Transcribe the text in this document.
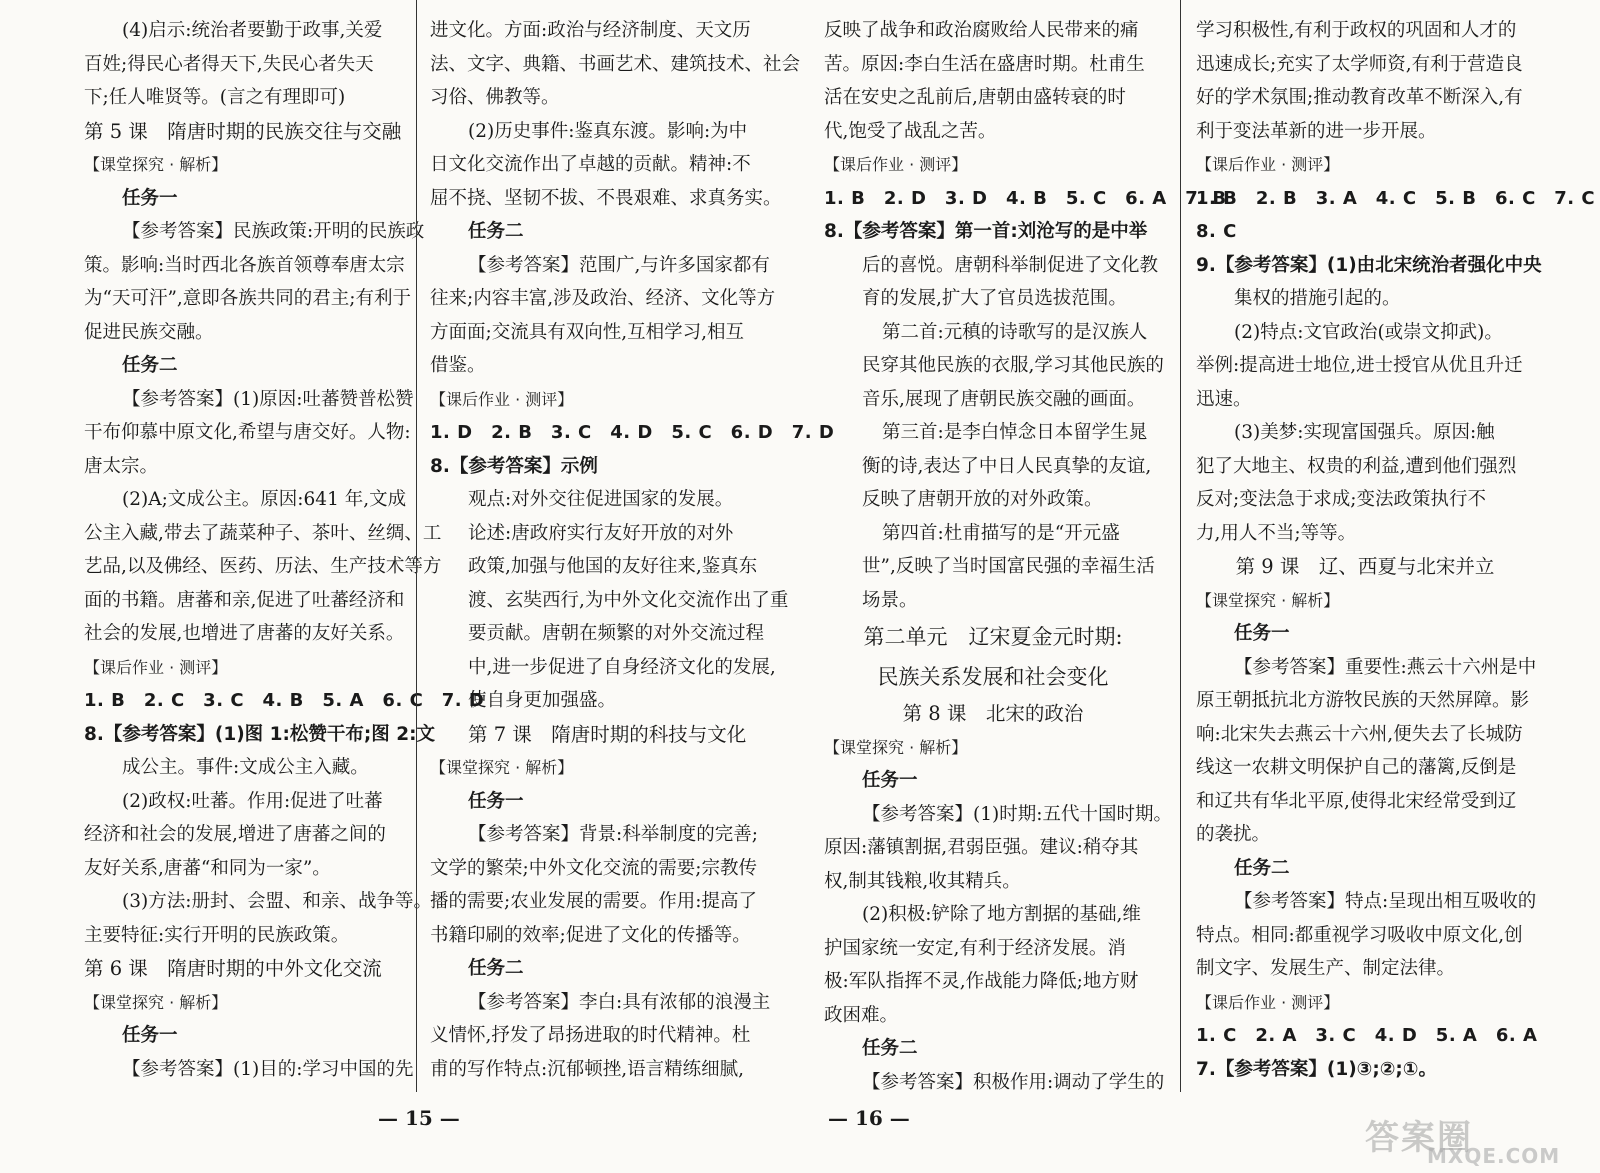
(4)启示:统治者要勤于政事,关爱
百姓;得民心者得天下,失民心者失天
下;任人唯贤等。(言之有理即可)
第 5 课　隋唐时期的民族交往与交融
【课堂探究 · 解析】
任务一
【参考答案】民族政策:开明的民族政
策。影响:当时西北各族首领尊奉唐太宗
为“天可汗”,意即各族共同的君主;有利于
促进民族交融。
任务二
【参考答案】(1)原因:吐蕃赞普松赞
干布仰慕中原文化,希望与唐交好。人物:
唐太宗。
(2)A;文成公主。原因:641 年,文成
公主入藏,带去了蔬菜种子、茶叶、丝绸、工
艺品,以及佛经、医药、历法、生产技术等方
面的书籍。唐蕃和亲,促进了吐蕃经济和
社会的发展,也增进了唐蕃的友好关系。
【课后作业 · 测评】
1. B　2. C　3. C　4. B　5. A　6. C　7. D
8.【参考答案】(1)图 1:松赞干布;图 2:文
成公主。事件:文成公主入藏。
(2)政权:吐蕃。作用:促进了吐蕃
经济和社会的发展,增进了唐蕃之间的
友好关系,唐蕃“和同为一家”。
(3)方法:册封、会盟、和亲、战争等。
主要特征:实行开明的民族政策。
第 6 课　隋唐时期的中外文化交流
【课堂探究 · 解析】
任务一
【参考答案】(1)目的:学习中国的先
进文化。方面:政治与经济制度、天文历
法、文字、典籍、书画艺术、建筑技术、社会
习俗、佛教等。
(2)历史事件:鉴真东渡。影响:为中
日文化交流作出了卓越的贡献。精神:不
屈不挠、坚韧不拔、不畏艰难、求真务实。
任务二
【参考答案】范围广,与许多国家都有
往来;内容丰富,涉及政治、经济、文化等方
方面面;交流具有双向性,互相学习,相互
借鉴。
【课后作业 · 测评】
1. D　2. B　3. C　4. D　5. C　6. D　7. D
8.【参考答案】示例
观点:对外交往促进国家的发展。
论述:唐政府实行友好开放的对外
政策,加强与他国的友好往来,鉴真东
渡、玄奘西行,为中外文化交流作出了重
要贡献。唐朝在频繁的对外交流过程
中,进一步促进了自身经济文化的发展,
使自身更加强盛。
第 7 课　隋唐时期的科技与文化
【课堂探究 · 解析】
任务一
【参考答案】背景:科举制度的完善;
文学的繁荣;中外文化交流的需要;宗教传
播的需要;农业发展的需要。作用:提高了
书籍印刷的效率;促进了文化的传播等。
任务二
【参考答案】李白:具有浓郁的浪漫主
义情怀,抒发了昂扬进取的时代精神。杜
甫的写作特点:沉郁顿挫,语言精练细腻,
— 15 —
反映了战争和政治腐败给人民带来的痛
苦。原因:李白生活在盛唐时期。杜甫生
活在安史之乱前后,唐朝由盛转衰的时
代,饱受了战乱之苦。
【课后作业 · 测评】
1. B　2. D　3. D　4. B　5. C　6. A　7. B
8.【参考答案】第一首:刘沧写的是中举
后的喜悦。唐朝科举制促进了文化教
育的发展,扩大了官员选拔范围。
第二首:元稹的诗歌写的是汉族人
民穿其他民族的衣服,学习其他民族的
音乐,展现了唐朝民族交融的画面。
第三首:是李白悼念日本留学生晁
衡的诗,表达了中日人民真挚的友谊,
反映了唐朝开放的对外政策。
第四首:杜甫描写的是“开元盛
世”,反映了当时国富民强的幸福生活
场景。
第二单元　辽宋夏金元时期:
民族关系发展和社会变化
第 8 课　北宋的政治
【课堂探究 · 解析】
任务一
【参考答案】(1)时期:五代十国时期。
原因:藩镇割据,君弱臣强。建议:稍夺其
权,制其钱粮,收其精兵。
(2)积极:铲除了地方割据的基础,维
护国家统一安定,有利于经济发展。消
极:军队指挥不灵,作战能力降低;地方财
政困难。
任务二
【参考答案】积极作用:调动了学生的
学习积极性,有利于政权的巩固和人才的
迅速成长;充实了太学师资,有利于营造良
好的学术氛围;推动教育改革不断深入,有
利于变法革新的进一步开展。
【课后作业 · 测评】
1. B　2. B　3. A　4. C　5. B　6. C　7. C
8. C
9.【参考答案】(1)由北宋统治者强化中央
集权的措施引起的。
(2)特点:文官政治(或崇文抑武)。
举例:提高进士地位,进士授官从优且升迁
迅速。
(3)美梦:实现富国强兵。原因:触
犯了大地主、权贵的利益,遭到他们强烈
反对;变法急于求成;变法政策执行不
力,用人不当;等等。
第 9 课　辽、西夏与北宋并立
【课堂探究 · 解析】
任务一
【参考答案】重要性:燕云十六州是中
原王朝抵抗北方游牧民族的天然屏障。影
响:北宋失去燕云十六州,便失去了长城防
线这一农耕文明保护自己的藩篱,反倒是
和辽共有华北平原,使得北宋经常受到辽
的袭扰。
任务二
【参考答案】特点:呈现出相互吸收的
特点。相同:都重视学习吸收中原文化,创
制文字、发展生产、制定法律。
【课后作业 · 测评】
1. C　2. A　3. C　4. D　5. A　6. A
7.【参考答案】(1)③;②;①。
— 16 —	答案圈
MXQE.COM
